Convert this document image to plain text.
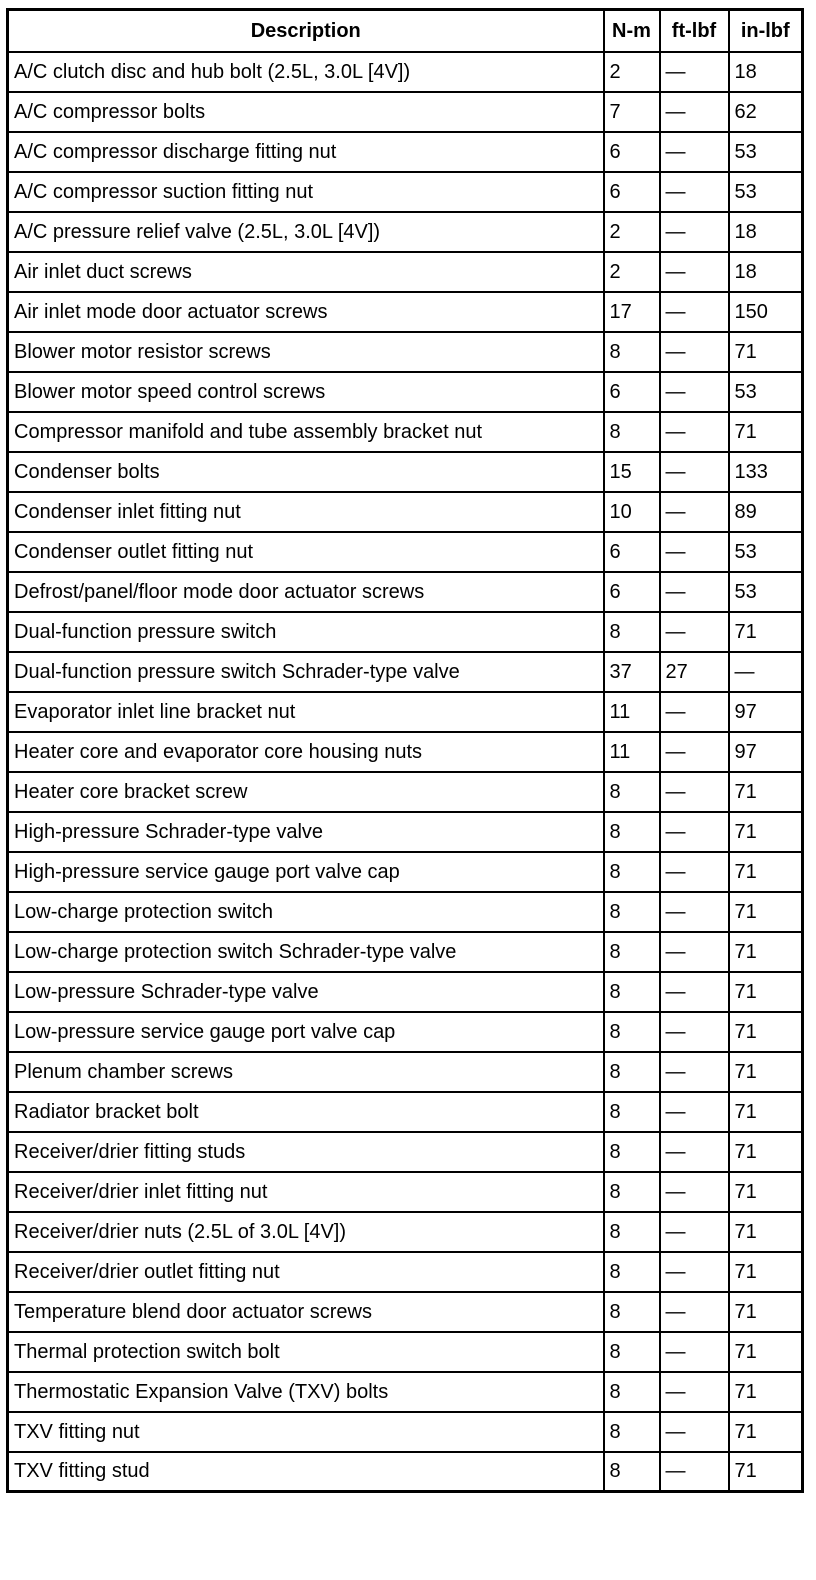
Description	N-m	ft-lbf	in-lbf
A/C clutch disc and hub bolt (2.5L, 3.0L [4V])	2	—	18
A/C compressor bolts	7	—	62
A/C compressor discharge fitting nut	6	—	53
A/C compressor suction fitting nut	6	—	53
A/C pressure relief valve (2.5L, 3.0L [4V])	2	—	18
Air inlet duct screws	2	—	18
Air inlet mode door actuator screws	17	—	150
Blower motor resistor screws	8	—	71
Blower motor speed control screws	6	—	53
Compressor manifold and tube assembly bracket nut	8	—	71
Condenser bolts	15	—	133
Condenser inlet fitting nut	10	—	89
Condenser outlet fitting nut	6	—	53
Defrost/panel/floor mode door actuator screws	6	—	53
Dual-function pressure switch	8	—	71
Dual-function pressure switch Schrader-type valve	37	27	—
Evaporator inlet line bracket nut	11	—	97
Heater core and evaporator core housing nuts	11	—	97
Heater core bracket screw	8	—	71
High-pressure Schrader-type valve	8	—	71
High-pressure service gauge port valve cap	8	—	71
Low-charge protection switch	8	—	71
Low-charge protection switch Schrader-type valve	8	—	71
Low-pressure Schrader-type valve	8	—	71
Low-pressure service gauge port valve cap	8	—	71
Plenum chamber screws	8	—	71
Radiator bracket bolt	8	—	71
Receiver/drier fitting studs	8	—	71
Receiver/drier inlet fitting nut	8	—	71
Receiver/drier nuts (2.5L of 3.0L [4V])	8	—	71
Receiver/drier outlet fitting nut	8	—	71
Temperature blend door actuator screws	8	—	71
Thermal protection switch bolt	8	—	71
Thermostatic Expansion Valve (TXV) bolts	8	—	71
TXV fitting nut	8	—	71
TXV fitting stud	8	—	71
